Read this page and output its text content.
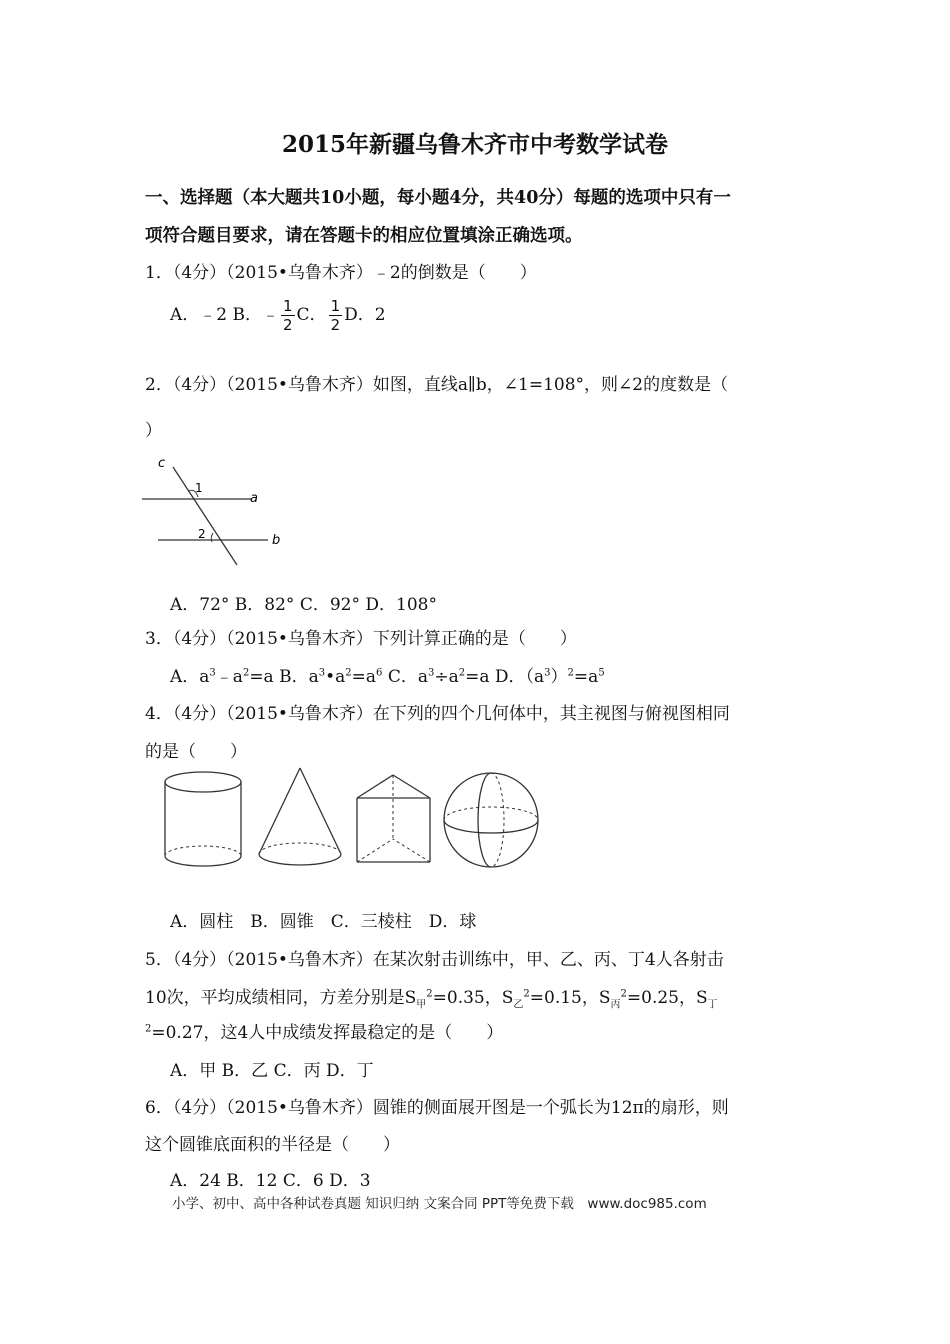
2015年新疆乌鲁木齐市中考数学试卷
一、选择题（本大题共10小题，每小题4分，共40分）每题的选项中只有一
项符合题目要求，请在答题卡的相应位置填涂正确选项。
1．（4分）（2015•乌鲁木齐）﹣2的倒数是（　　）
A．﹣2 B．﹣ $\frac{1}{2}$ C． $\frac{1}{2}$ D．2
2．（4分）（2015•乌鲁木齐）如图，直线a∥b，∠1=108°，则∠2的度数是（
）
c
1
a
2	b
A．72° B．82° C．92° D．108°
3．（4分）（2015•乌鲁木齐）下列计算正确的是（　　）
A．$a^3﹣a^2=a$ B．$a^3•a^2=a^6$ C．$a^3\div a^2=a$ D．$(a^3)^2=a^5$
4．（4分）（2015•乌鲁木齐）在下列的四个几何体中，其主视图与俯视图相同
的是（　　）
A．圆柱　B．圆锥　C．三棱柱　D．球
5．（4分）（2015•乌鲁木齐）在某次射击训练中，甲、乙、丙、丁4人各射击
10次，平均成绩相同，方差分别是$S_甲^2=0.35$，$S_乙^2=0.15$，$S_丙^2=0.25$，$S_丁$
$^2$=0.27，这4人中成绩发挥最稳定的是（　　）
A．甲 B．乙 C．丙 D．丁
6．（4分）（2015•乌鲁木齐）圆锥的侧面展开图是一个弧长为12π的扇形，则
这个圆锥底面积的半径是（　　）
A．24 B．12 C．6 D．3
小学、初中、高中各种试卷真题 知识归纳 文案合同 PPT等免费下载　www.doc985.com
